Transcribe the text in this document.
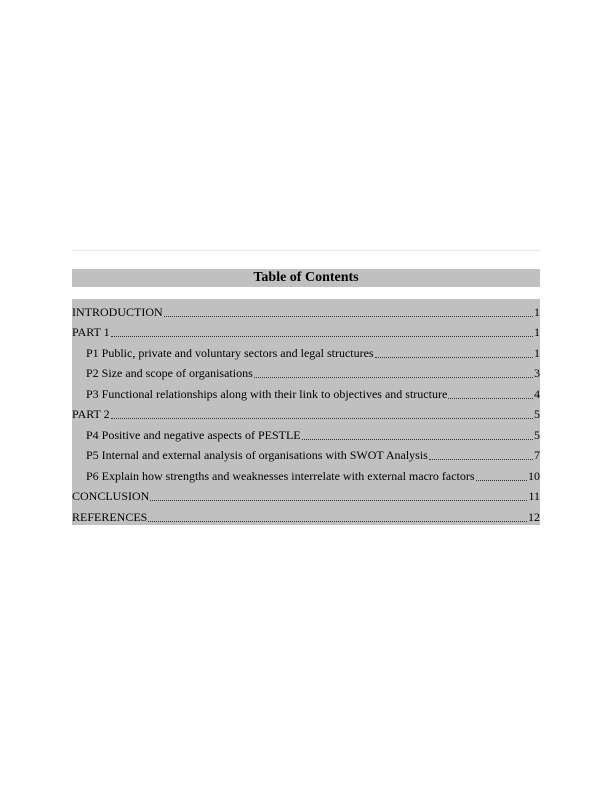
Table of Contents
INTRODUCTION	1
PART 1	1
P1 Public, private and voluntary sectors and legal structures	1
P2 Size and scope of organisations	3
P3 Functional relationships along with their link to objectives and structure	4
PART 2	5
P4 Positive and negative aspects of PESTLE	5
P5 Internal and external analysis of organisations with SWOT Analysis	7
P6 Explain how strengths and weaknesses interrelate with external macro factors	10
CONCLUSION	11
REFERENCES	12
